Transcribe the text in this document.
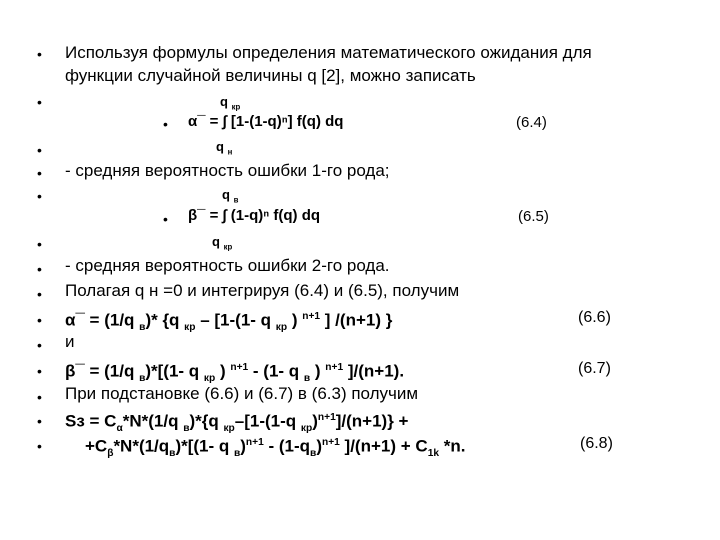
•
•
•
•
•
•
•
•
•
•
•
•
•
•
•
•
Используя формулы определения математического ожидания для
функции случайной величины q [2], можно записать
q $_{кр}$
α¯ = ∫ [1-(1-q)ⁿ] f(q) dq	(6.4)
q $_н$
- средняя вероятность ошибки 1-го рода;
q $_в$
β¯ = ∫ (1-q)ⁿ f(q) dq	(6.5)
q $_{кр}$
- средняя вероятность ошибки 2-го рода.
Полагая q н =0 и интегрируя (6.4) и (6.5), получим
α¯ = (1/q $_в$)* {q $_{кр}$ – [1-(1- q $_{кр}$ ) $^{n+1}$ ] /(n+1) }	(6.6)
и
β¯ = (1/q $_в$)*[(1- q $_{кр}$ ) $^{n+1}$ - (1- q $_в$ ) $^{n+1}$ ]/(n+1).	(6.7)
При подстановке (6.6) и (6.7) в (6.3) получим
Sз = $С_\alpha*N*(1/q$ $_в$)*{q $_{кр}$–[1-(1-q $_{кр}$)$^{n+1}$]/(n+1)} +
$+С_\beta*N*(1/q_в)*[(1-$ q $_в)^{n+1} - (1-q_в)^{n+1}$ ]$/(n+1) + С_{1k}$ *n.	(6.8)
